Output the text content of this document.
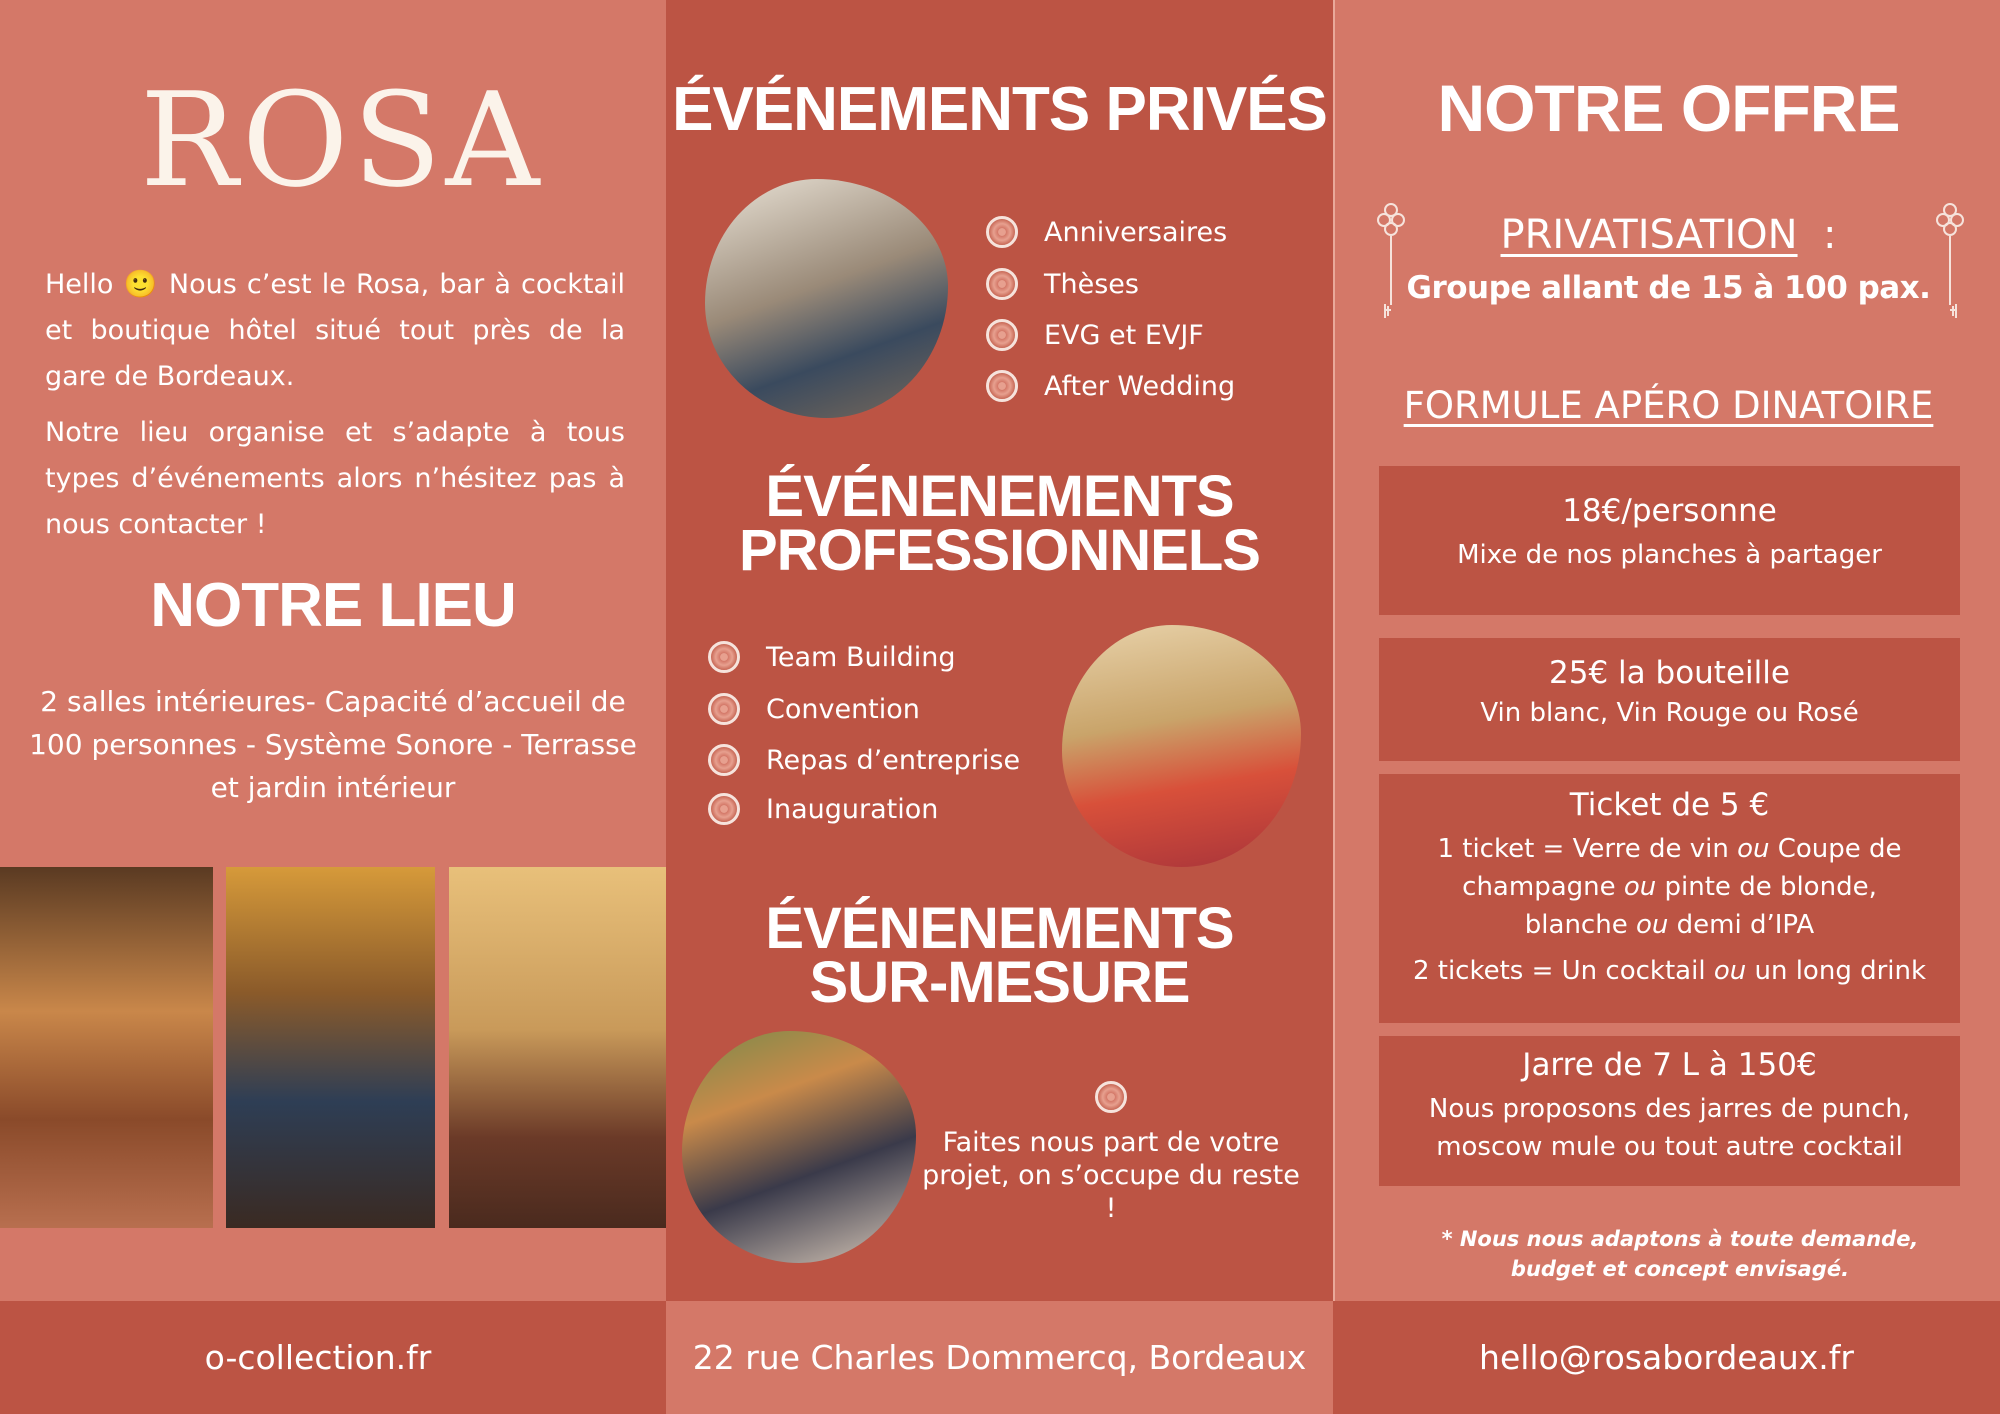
ROSA
Hello 🙂 Nous c’est le Rosa, bar à cocktail et boutique hôtel situé tout près de la gare de Bordeaux.
Notre lieu organise et s’adapte à tous types d’événements alors n’hésitez pas à nous contacter !
NOTRE LIEU
2 salles intérieures- Capacité d’accueil de 100 personnes - Système Sonore - Terrasse et jardin intérieur
ÉVÉNEMENTS PRIVÉS
Anniversaires
Thèses
EVG et EVJF
After Wedding
ÉVÉNENEMENTS
PROFESSIONNELS
Team Building
Convention
Repas d’entreprise
Inauguration
ÉVÉNENEMENTS
SUR-MESURE
Faites nous part de votre projet, on s’occupe du reste !
NOTRE OFFRE
PRIVATISATION :
Groupe allant de 15 à 100 pax.
FORMULE APÉRO DINATOIRE
18€/personne
Mixe de nos planches à partager
25€ la bouteille
Vin blanc, Vin Rouge ou Rosé
Ticket de 5 €
1 ticket = Verre de vin ou Coupe de champagne ou pinte de blonde, blanche ou demi d’IPA
2 tickets = Un cocktail ou un long drink
Jarre de 7 L à 150€
Nous proposons des jarres de punch, moscow mule ou tout autre cocktail
* Nous nous adaptons à toute demande, budget et concept envisagé.
o-collection.fr	22 rue Charles Dommercq, Bordeaux	hello@rosabordeaux.fr
